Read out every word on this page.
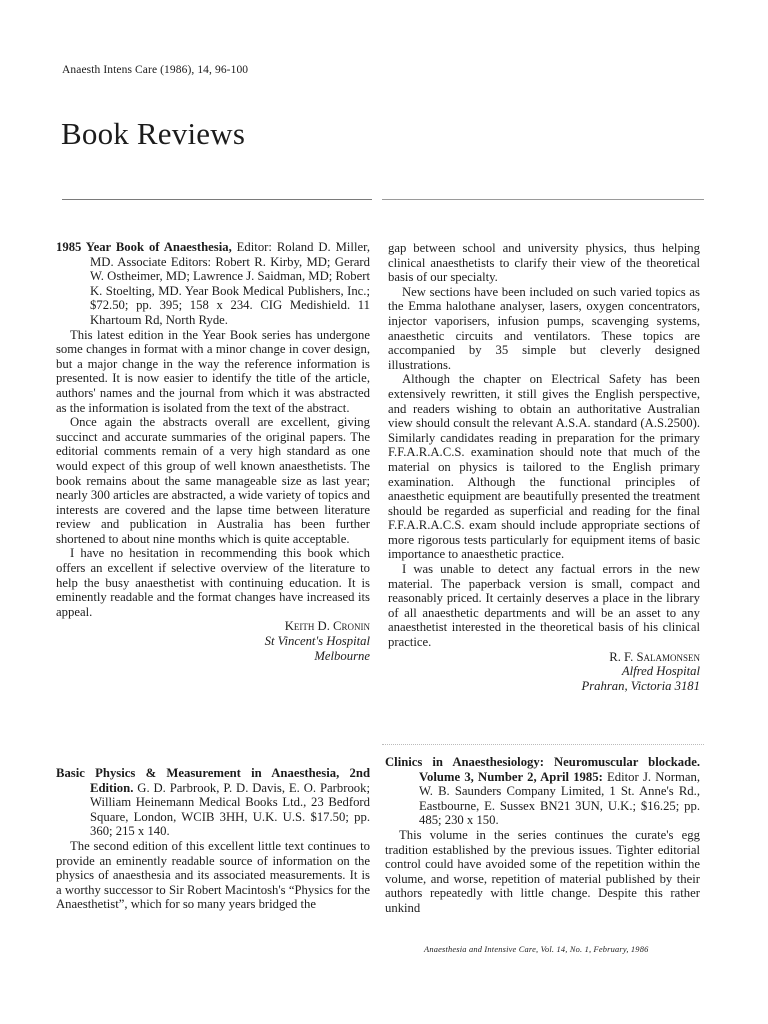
Anaesth Intens Care (1986), 14, 96-100
Book Reviews

1985 Year Book of Anaesthesia, Editor: Roland D. Miller, MD. Associate Editors: Robert R. Kirby, MD; Gerard W. Ostheimer, MD; Lawrence J. Saidman, MD; Robert K. Stoelting, MD. Year Book Medical Publishers, Inc.; $72.50; pp. 395; 158 x 234. CIG Medishield. 11 Khartoum Rd, North Ryde.

This latest edition in the Year Book series has undergone some changes in format with a minor change in cover design, but a major change in the way the reference information is presented. It is now easier to identify the title of the article, authors' names and the journal from which it was abstracted as the information is isolated from the text of the abstract.

Once again the abstracts overall are excellent, giving succinct and accurate summaries of the original papers. The editorial comments remain of a very high standard as one would expect of this group of well known anaesthetists. The book remains about the same manageable size as last year; nearly 300 articles are abstracted, a wide variety of topics and interests are covered and the lapse time between literature review and publication in Australia has been further shortened to about nine months which is quite acceptable.

I have no hesitation in recommending this book which offers an excellent if selective overview of the literature to help the busy anaesthetist with continuing education. It is eminently readable and the format changes have increased its appeal.

Keith D. Cronin

St Vincent's Hospital

Melbourne

Basic Physics & Measurement in Anaesthesia, 2nd Edition. G. D. Parbrook, P. D. Davis, E. O. Parbrook; William Heinemann Medical Books Ltd., 23 Bedford Square, London, WCIB 3HH, U.K. U.S. $17.50; pp. 360; 215 x 140.

The second edition of this excellent little text continues to provide an eminently readable source of information on the physics of anaesthesia and its associated measurements. It is a worthy successor to Sir Robert Macintosh's “Physics for the Anaesthetist”, which for so many years bridged the

gap between school and university physics, thus helping clinical anaesthetists to clarify their view of the theoretical basis of our specialty.

New sections have been included on such varied topics as the Emma halothane analyser, lasers, oxygen concentrators, injector vaporisers, infusion pumps, scavenging systems, anaesthetic circuits and ventilators. These topics are accompanied by 35 simple but cleverly designed illustrations.

Although the chapter on Electrical Safety has been extensively rewritten, it still gives the English perspective, and readers wishing to obtain an authoritative Australian view should consult the relevant A.S.A. standard (A.S.2500). Similarly candidates reading in preparation for the primary F.F.A.R.A.C.S. examination should note that much of the material on physics is tailored to the English primary examination. Although the functional principles of anaesthetic equipment are beautifully presented the treatment should be regarded as superficial and reading for the final F.F.A.R.A.C.S. exam should include appropriate sections of more rigorous tests particularly for equipment items of basic importance to anaesthetic practice.

I was unable to detect any factual errors in the new material. The paperback version is small, compact and reasonably priced. It certainly deserves a place in the library of all anaesthetic departments and will be an asset to any anaesthetist interested in the theoretical basis of his clinical practice.

R. F. Salamonsen

Alfred Hospital

Prahran, Victoria 3181

Clinics in Anaesthesiology: Neuromuscular blockade. Volume 3, Number 2, April 1985: Editor J. Norman, W. B. Saunders Company Limited, 1 St. Anne's Rd., Eastbourne, E. Sussex BN21 3UN, U.K.; $16.25; pp. 485; 230 x 150.

This volume in the series continues the curate's egg tradition established by the previous issues. Tighter editorial control could have avoided some of the repetition within the volume, and worse, repetition of material published by their authors repeatedly with little change. Despite this rather unkind

Anaesthesia and Intensive Care, Vol. 14, No. 1, February, 1986
